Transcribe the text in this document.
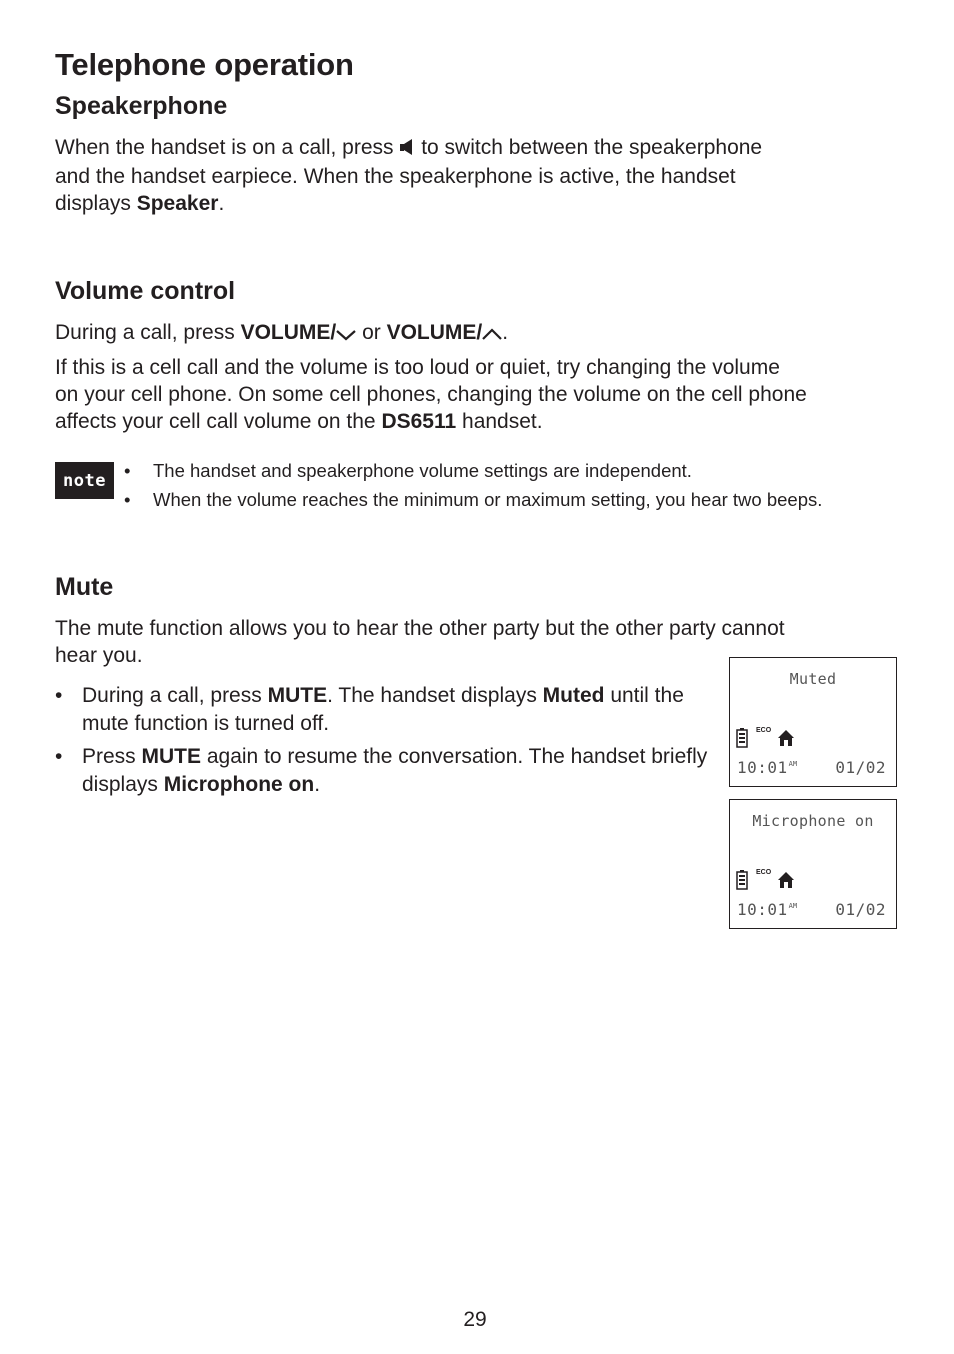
Telephone operation
Speakerphone

When the handset is on a call, press  to switch between the speakerphone
and the handset earpiece. When the speakerphone is active, the handset
displays Speaker.

Volume control

During a call, press VOLUME/ or VOLUME/ .

If this is a cell call and the volume is too loud or quiet, try changing the volume
on your cell phone. On some cell phones, changing the volume on the cell phone
affects your cell call volume on the DS6511 handset.

note
•	The handset and speakerphone volume settings are independent.
• When the volume reaches the minimum or maximum setting, you hear two beeps.
Mute

The mute function allows you to hear the other party but the other party cannot
hear you.

• During a call, press MUTE. The handset displays Muted until the mute function is turned off.
• Press MUTE again to resume the conversation. The handset briefly displays Microphone on.
Muted
ECO
$10:01^{AM}$ 01/02
Microphone on
ECO
$10:01^{AM}$ 01/02
29
